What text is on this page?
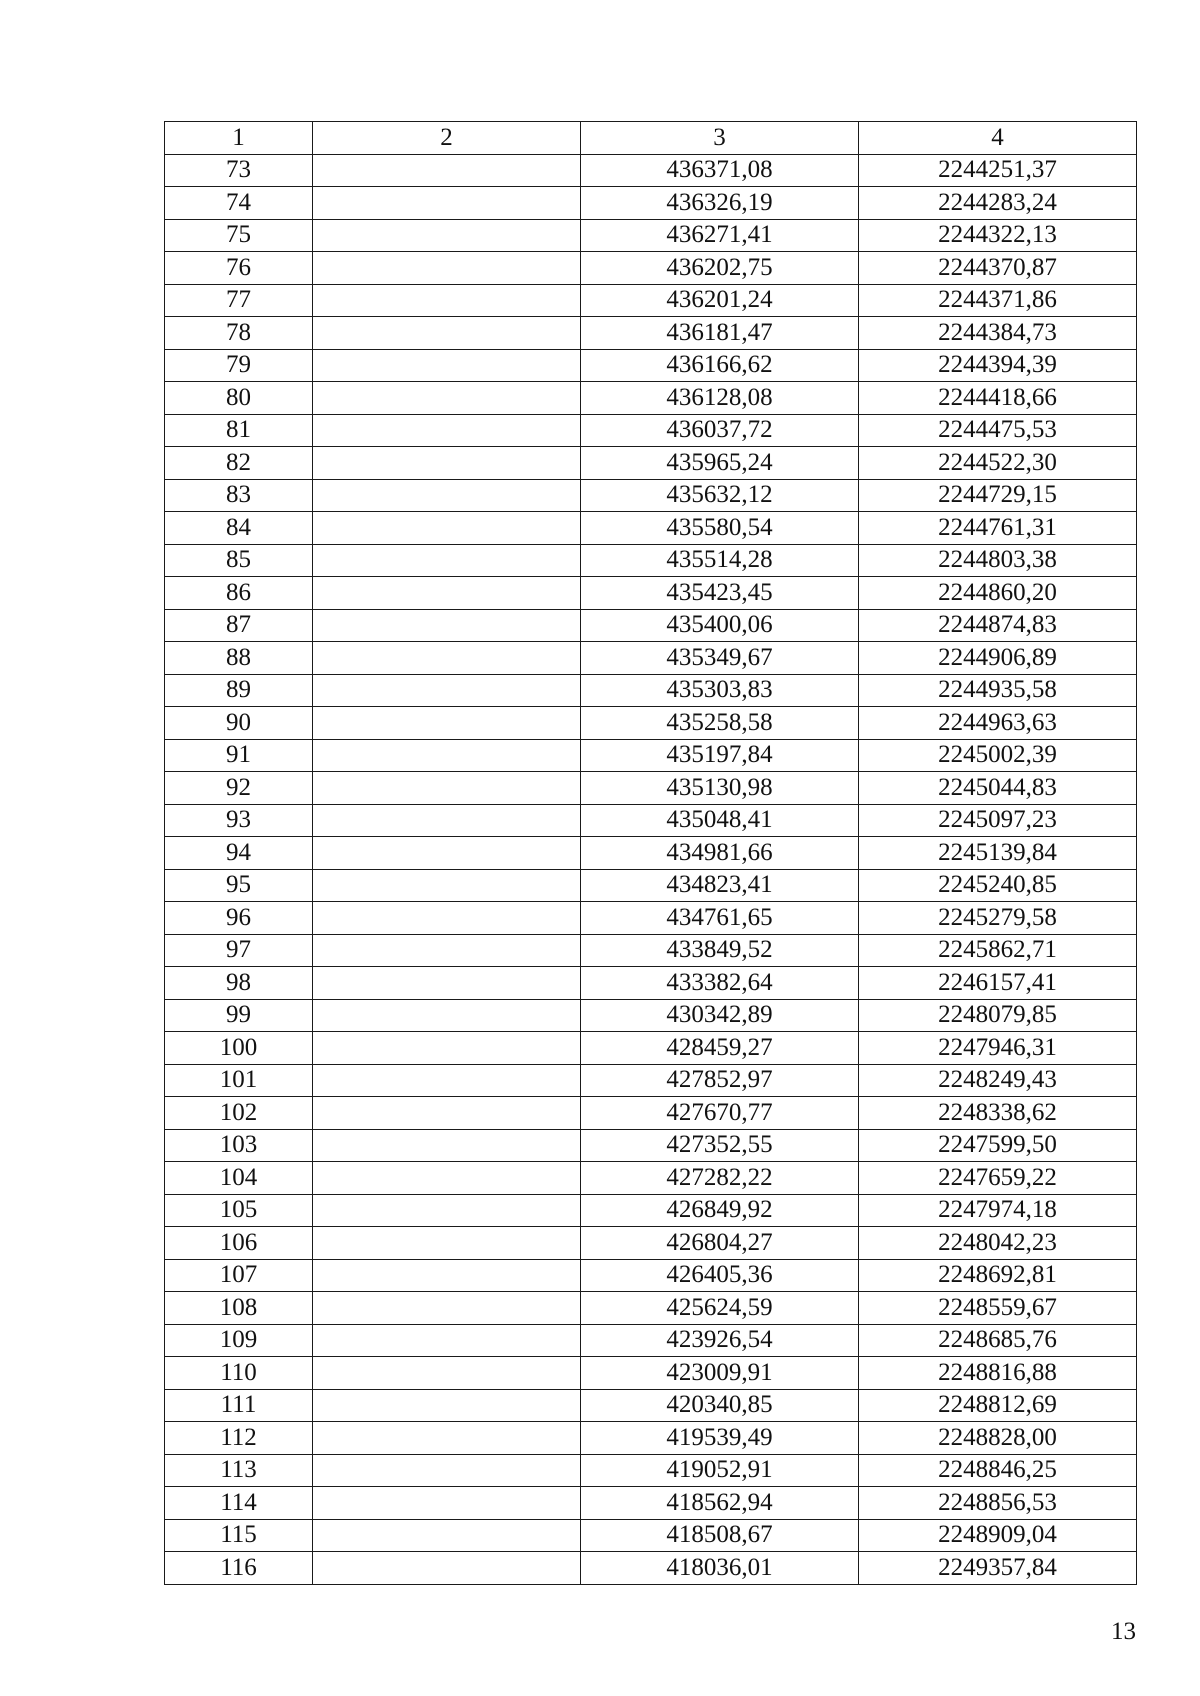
1	2	3	4
73		436371,08	2244251,37
74		436326,19	2244283,24
75		436271,41	2244322,13
76		436202,75	2244370,87
77		436201,24	2244371,86
78		436181,47	2244384,73
79		436166,62	2244394,39
80		436128,08	2244418,66
81		436037,72	2244475,53
82		435965,24	2244522,30
83		435632,12	2244729,15
84		435580,54	2244761,31
85		435514,28	2244803,38
86		435423,45	2244860,20
87		435400,06	2244874,83
88		435349,67	2244906,89
89		435303,83	2244935,58
90		435258,58	2244963,63
91		435197,84	2245002,39
92		435130,98	2245044,83
93		435048,41	2245097,23
94		434981,66	2245139,84
95		434823,41	2245240,85
96		434761,65	2245279,58
97		433849,52	2245862,71
98		433382,64	2246157,41
99		430342,89	2248079,85
100		428459,27	2247946,31
101		427852,97	2248249,43
102		427670,77	2248338,62
103		427352,55	2247599,50
104		427282,22	2247659,22
105		426849,92	2247974,18
106		426804,27	2248042,23
107		426405,36	2248692,81
108		425624,59	2248559,67
109		423926,54	2248685,76
110		423009,91	2248816,88
111		420340,85	2248812,69
112		419539,49	2248828,00
113		419052,91	2248846,25
114		418562,94	2248856,53
115		418508,67	2248909,04
116		418036,01	2249357,84
13
